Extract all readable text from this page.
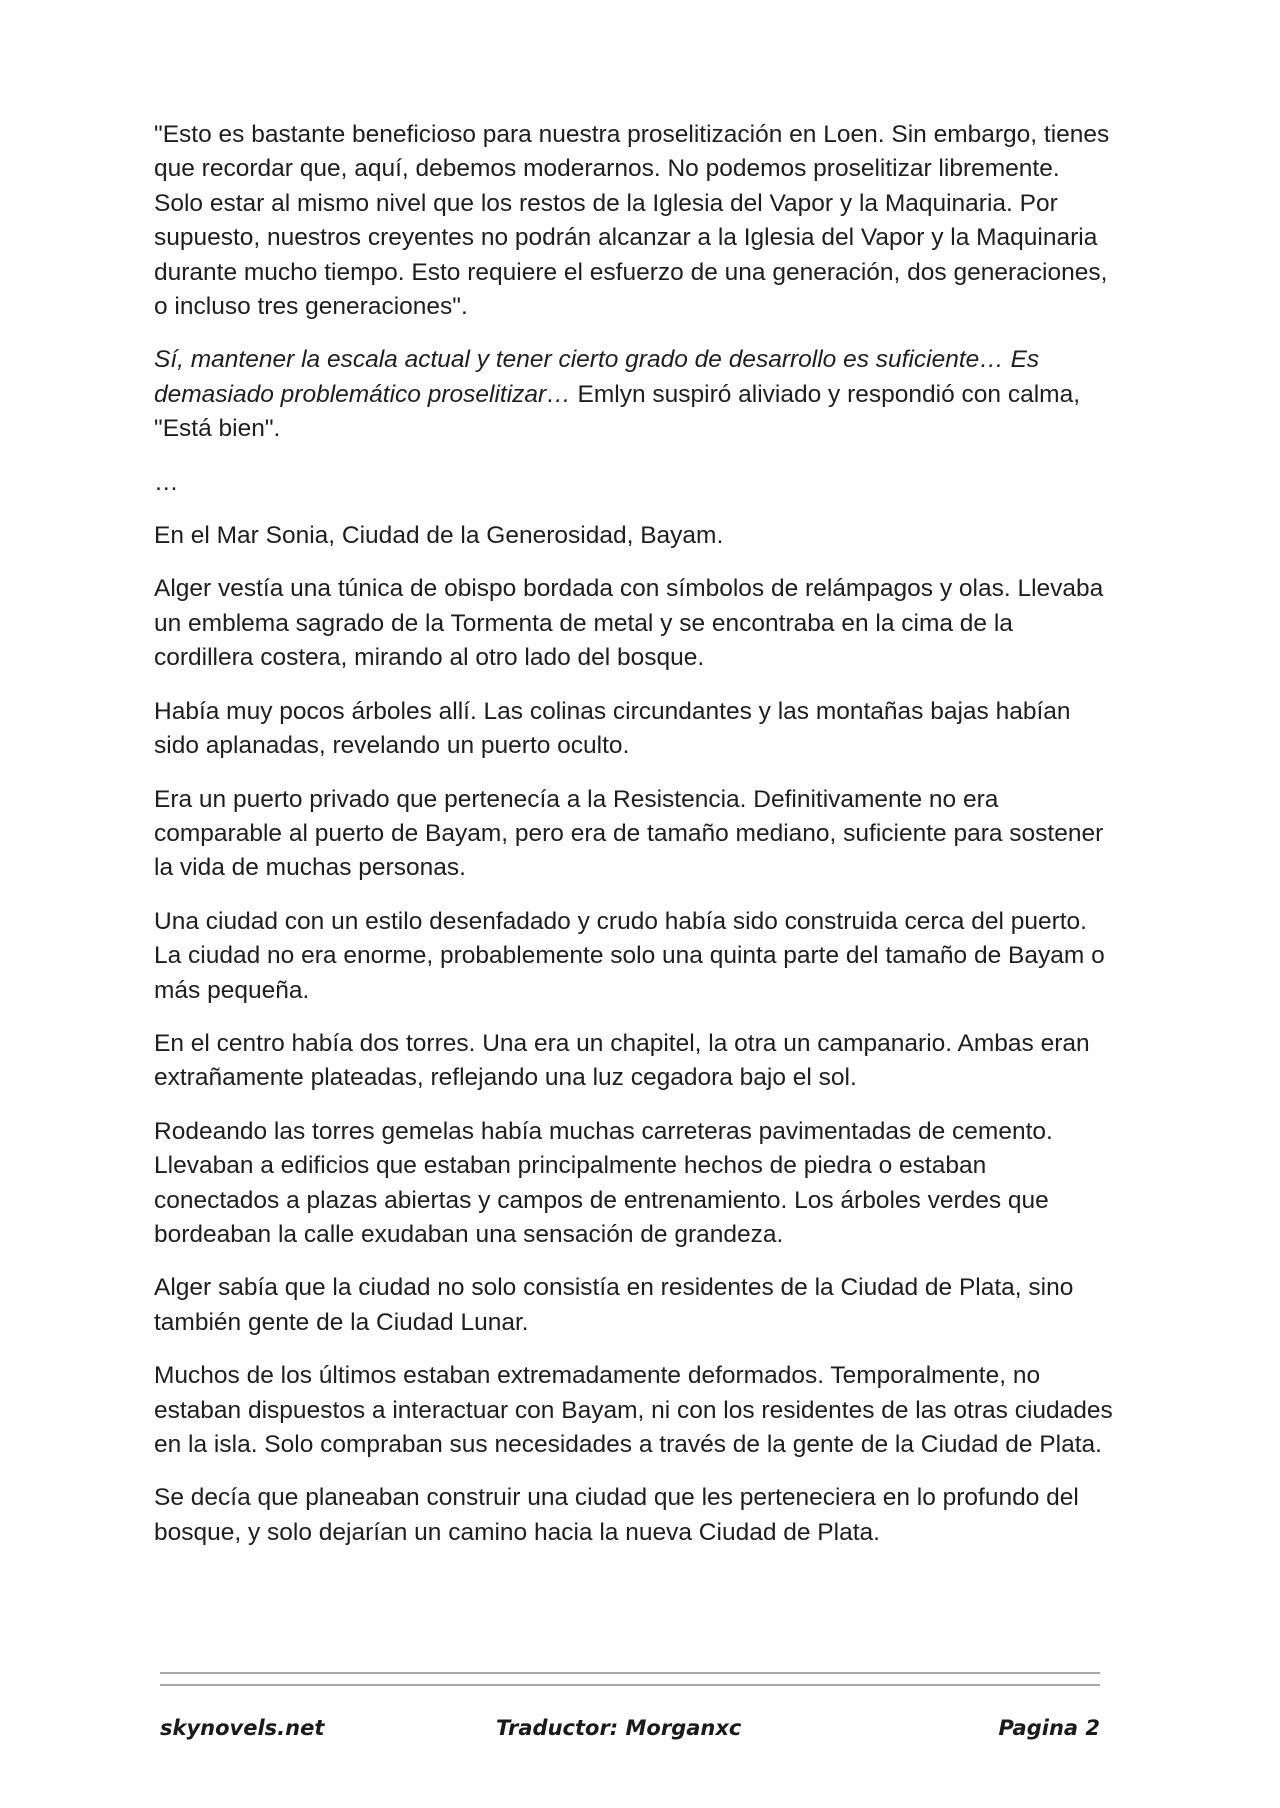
"Esto es bastante beneficioso para nuestra proselitización en Loen. Sin embargo, tienes que recordar que, aquí, debemos moderarnos. No podemos proselitizar libremente. Solo estar al mismo nivel que los restos de la Iglesia del Vapor y la Maquinaria. Por supuesto, nuestros creyentes no podrán alcanzar a la Iglesia del Vapor y la Maquinaria durante mucho tiempo. Esto requiere el esfuerzo de una generación, dos generaciones, o incluso tres generaciones".

Sí, mantener la escala actual y tener cierto grado de desarrollo es suficiente… Es demasiado problemático proselitizar… Emlyn suspiró aliviado y respondió con calma, "Está bien".

…

En el Mar Sonia, Ciudad de la Generosidad, Bayam.

Alger vestía una túnica de obispo bordada con símbolos de relámpagos y olas. Llevaba un emblema sagrado de la Tormenta de metal y se encontraba en la cima de la cordillera costera, mirando al otro lado del bosque.

Había muy pocos árboles allí. Las colinas circundantes y las montañas bajas habían sido aplanadas, revelando un puerto oculto.

Era un puerto privado que pertenecía a la Resistencia. Definitivamente no era comparable al puerto de Bayam, pero era de tamaño mediano, suficiente para sostener la vida de muchas personas.

Una ciudad con un estilo desenfadado y crudo había sido construida cerca del puerto. La ciudad no era enorme, probablemente solo una quinta parte del tamaño de Bayam o más pequeña.

En el centro había dos torres. Una era un chapitel, la otra un campanario. Ambas eran extrañamente plateadas, reflejando una luz cegadora bajo el sol.

Rodeando las torres gemelas había muchas carreteras pavimentadas de cemento. Llevaban a edificios que estaban principalmente hechos de piedra o estaban conectados a plazas abiertas y campos de entrenamiento. Los árboles verdes que bordeaban la calle exudaban una sensación de grandeza.

Alger sabía que la ciudad no solo consistía en residentes de la Ciudad de Plata, sino también gente de la Ciudad Lunar.

Muchos de los últimos estaban extremadamente deformados. Temporalmente, no estaban dispuestos a interactuar con Bayam, ni con los residentes de las otras ciudades en la isla. Solo compraban sus necesidades a través de la gente de la Ciudad de Plata.

Se decía que planeaban construir una ciudad que les perteneciera en lo profundo del bosque, y solo dejarían un camino hacia la nueva Ciudad de Plata.

skynovels.net	Traductor: Morganxc	Pagina 2
